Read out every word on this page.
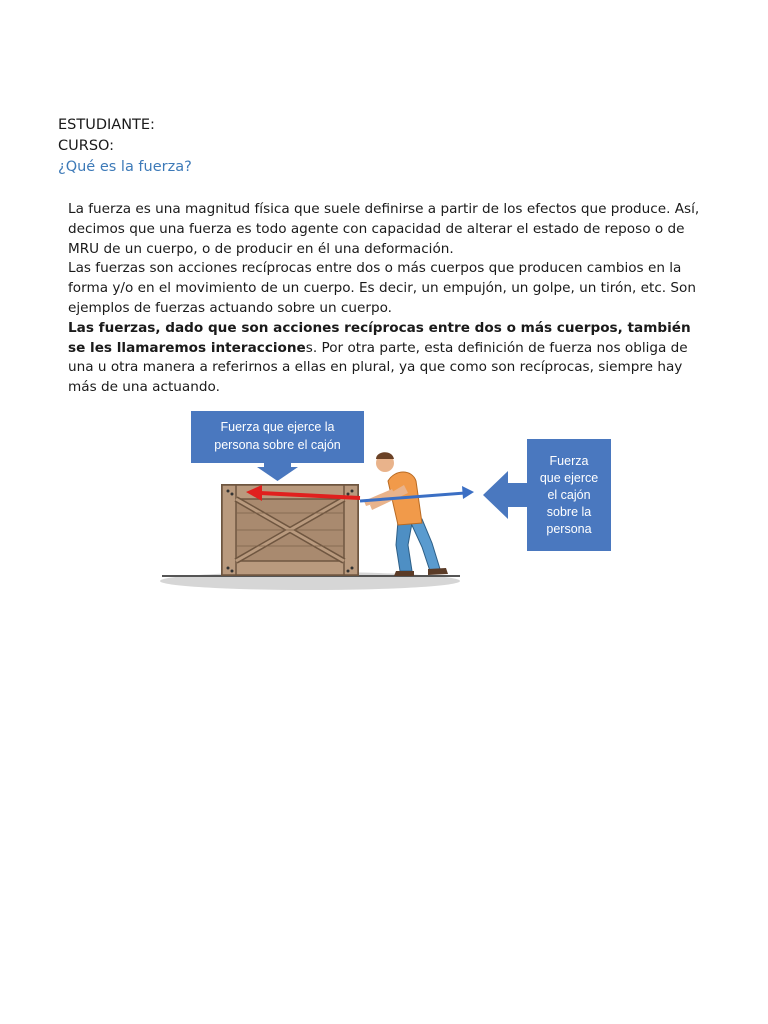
ESTUDIANTE:
CURSO:
¿Qué es la fuerza?

La fuerza es una magnitud física que suele definirse a partir de los efectos que produce. Así, decimos que una fuerza es todo agente con capacidad de alterar el estado de reposo o de MRU de un cuerpo, o de producir en él una deformación.

Las fuerzas son acciones recíprocas entre dos o más cuerpos que producen cambios en la forma y/o en el movimiento de un cuerpo. Es decir, un empujón, un golpe, un tirón, etc. Son ejemplos de fuerzas actuando sobre un cuerpo.

Las fuerzas, dado que son acciones recíprocas entre dos o más cuerpos, también se les llamaremos interacciones. Por otra parte, esta definición de fuerza nos obliga de una u otra manera a referirnos a ellas en plural, ya que como son recíprocas, siempre hay más de una actuando.

Fuerza que ejerce la
persona sobre el cajón
Fuerza
que ejerce
el cajón
sobre la
persona
